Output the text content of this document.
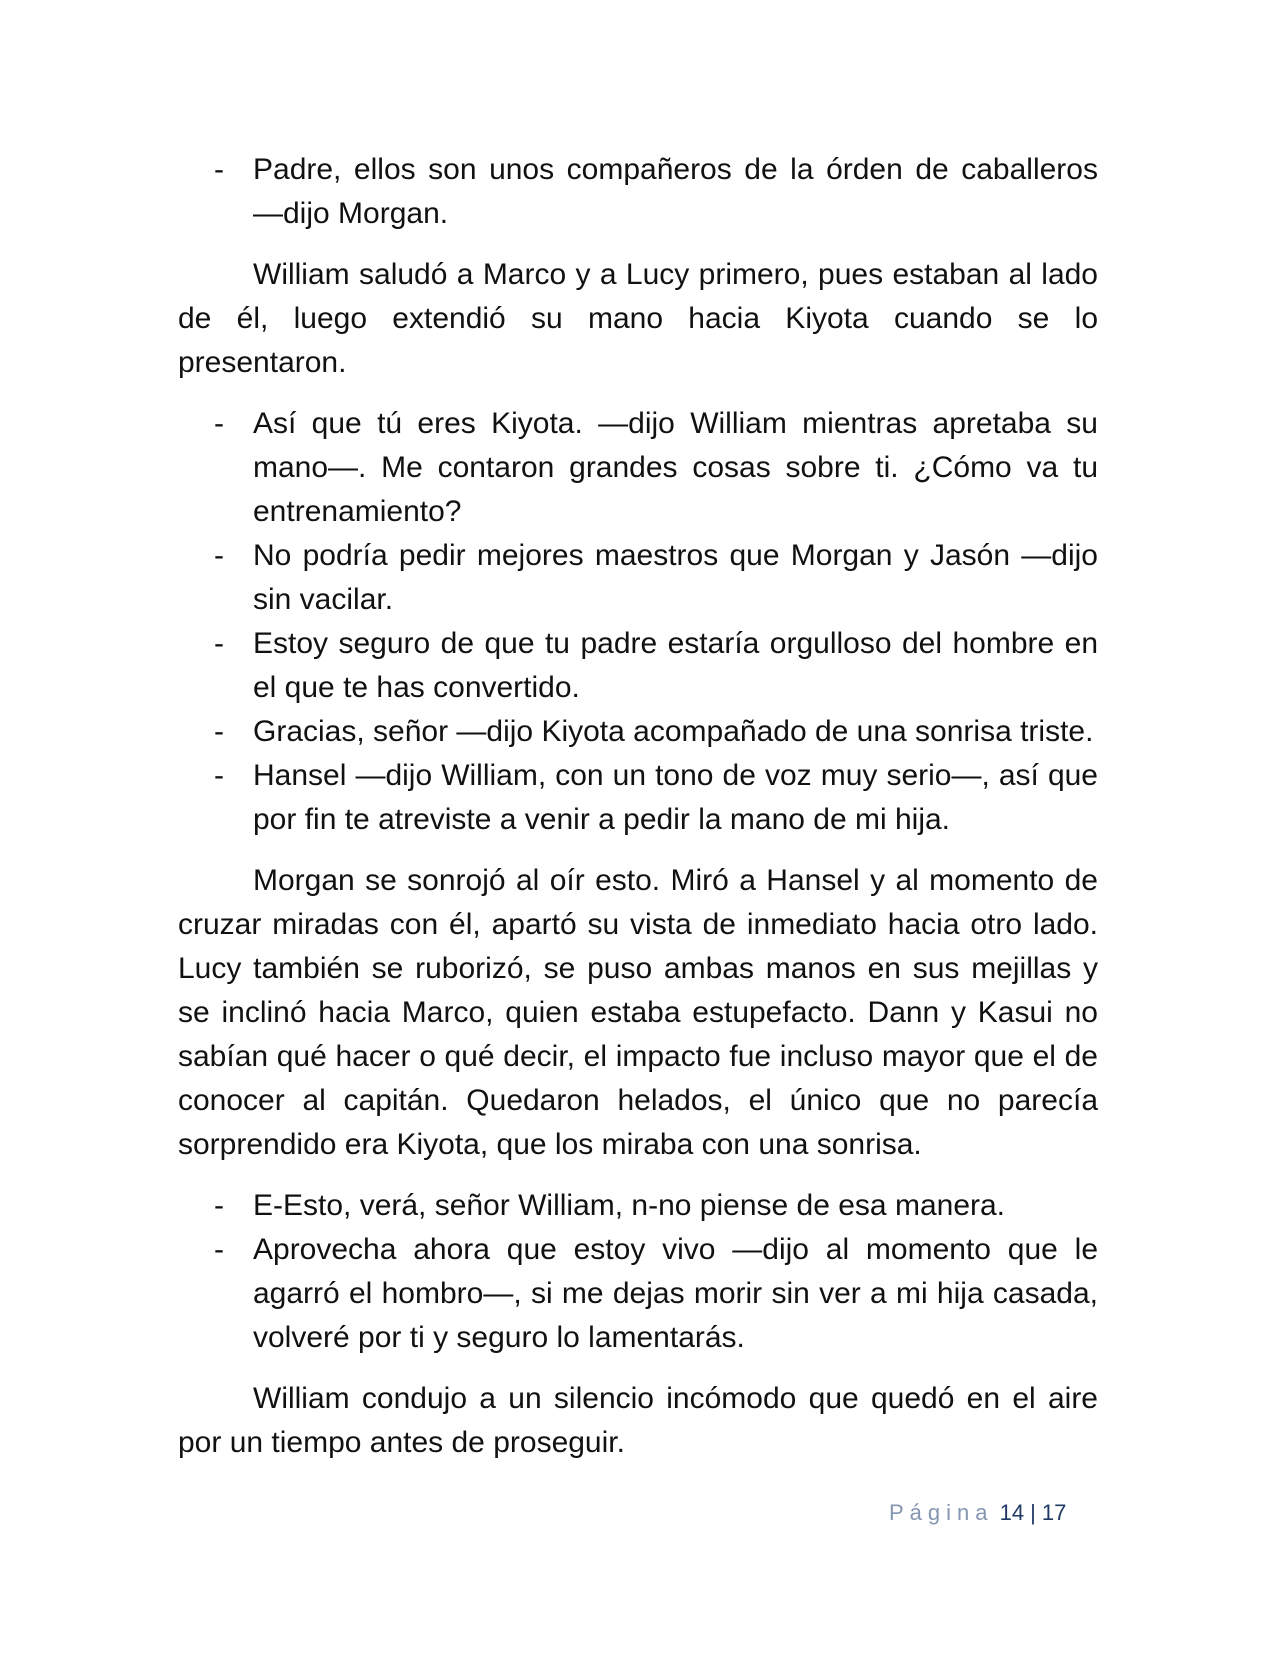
- Padre, ellos son unos compañeros de la órden de caballeros —dijo Morgan.

William saludó a Marco y a Lucy primero, pues estaban al lado de él, luego extendió su mano hacia Kiyota cuando se lo presentaron.

- Así que tú eres Kiyota. —dijo William mientras apretaba su mano—. Me contaron grandes cosas sobre ti. ¿Cómo va tu entrenamiento?

- No podría pedir mejores maestros que Morgan y Jasón —dijo sin vacilar.

- Estoy seguro de que tu padre estaría orgulloso del hombre en el que te has convertido.

- Gracias, señor —dijo Kiyota acompañado de una sonrisa triste.

- Hansel —dijo William, con un tono de voz muy serio—, así que por fin te atreviste a venir a pedir la mano de mi hija.

Morgan se sonrojó al oír esto. Miró a Hansel y al momento de cruzar miradas con él, apartó su vista de inmediato hacia otro lado. Lucy también se ruborizó, se puso ambas manos en sus mejillas y se inclinó hacia Marco, quien estaba estupefacto. Dann y Kasui no sabían qué hacer o qué decir, el impacto fue incluso mayor que el de conocer al capitán. Quedaron helados, el único que no parecía sorprendido era Kiyota, que los miraba con una sonrisa.

- E-Esto, verá, señor William, n-no piense de esa manera.

- Aprovecha ahora que estoy vivo —dijo al momento que le agarró el hombro—, si me dejas morir sin ver a mi hija casada, volveré por ti y seguro lo lamentarás.

William condujo a un silencio incómodo que quedó en el aire por un tiempo antes de proseguir.

Página 14 | 17
